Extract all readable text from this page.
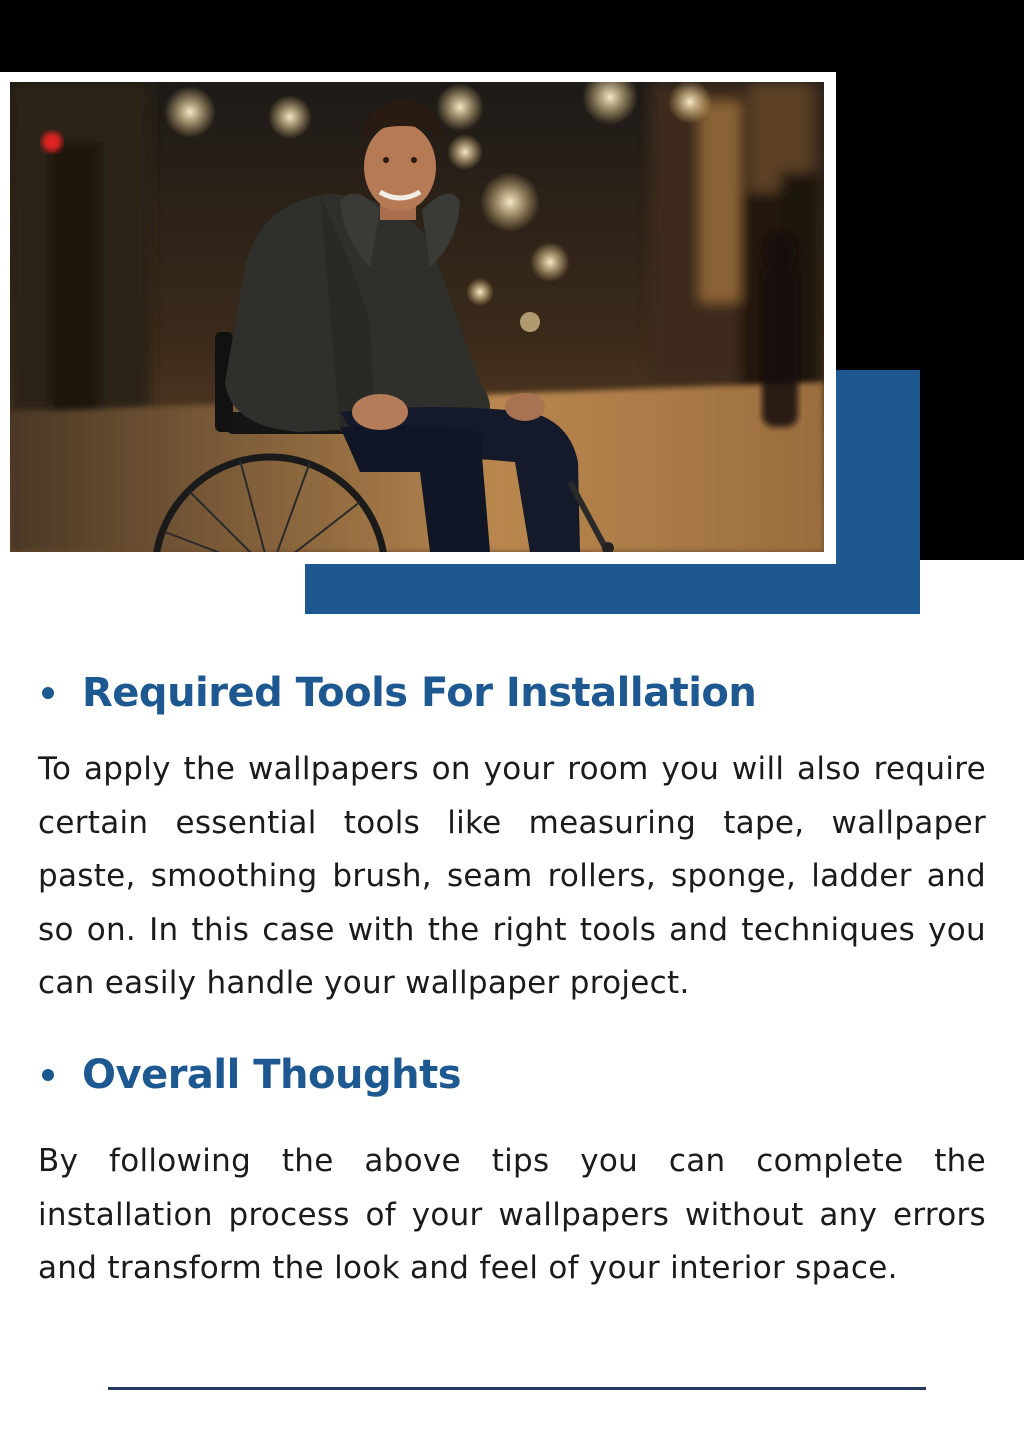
Required Tools For Installation

To apply the wallpapers on your room you will also require certain essential tools like measuring tape, wallpaper paste, smoothing brush, seam rollers, sponge, ladder and so on. In this case with the right tools and techniques you can easily handle your wallpaper project.

Overall Thoughts

By following the above tips you can complete the installation process of your wallpapers without any errors and transform the look and feel of your interior space.
